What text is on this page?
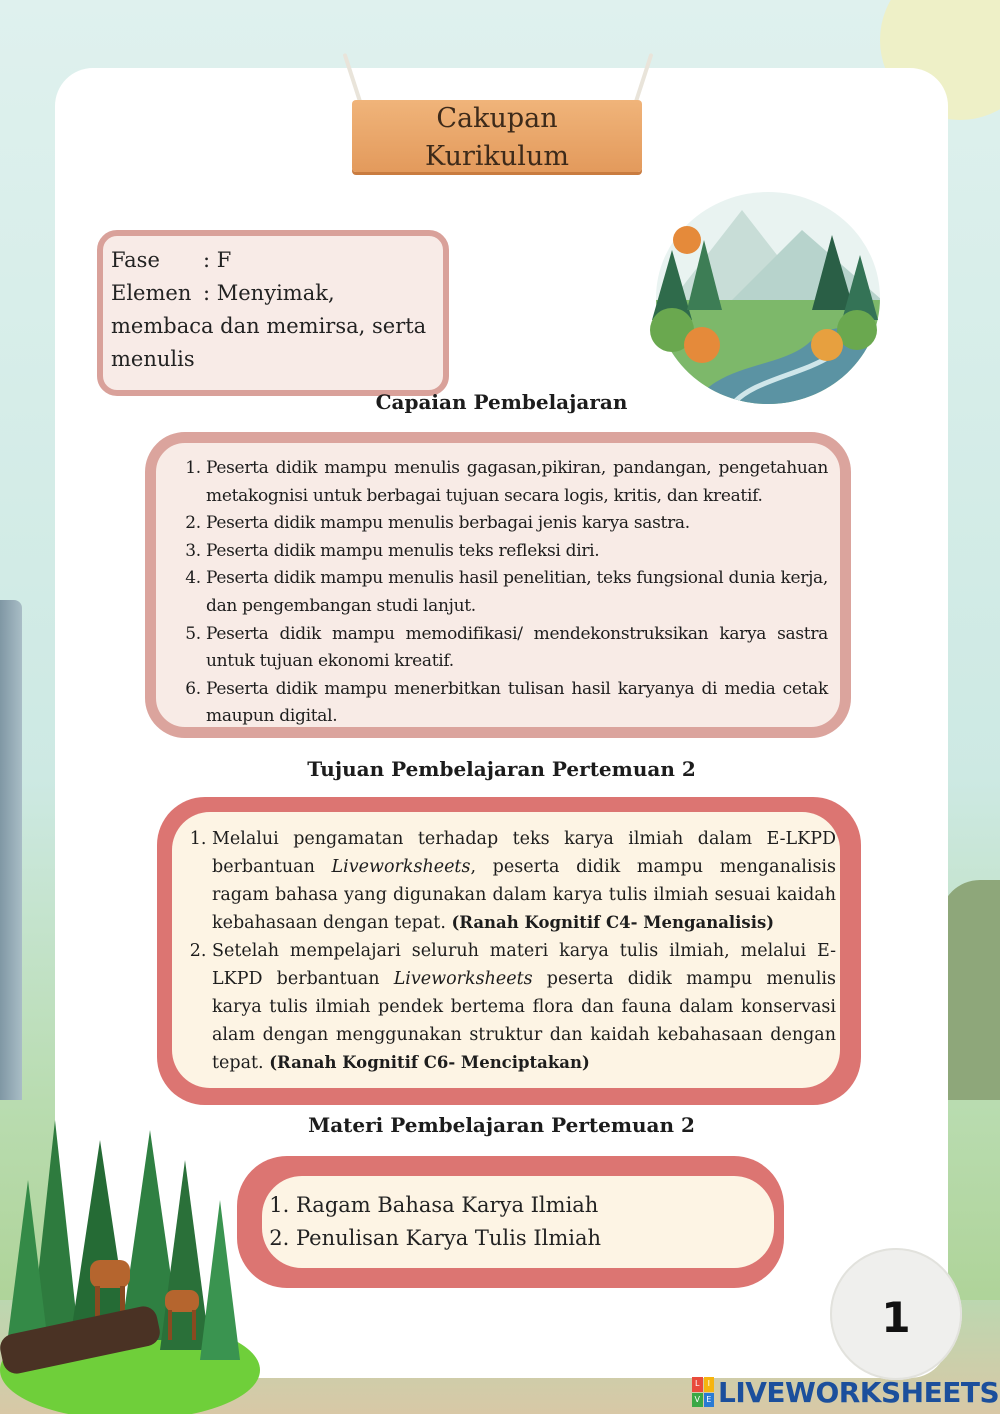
Cakupan
Kurikulum
Fase : F
Elemen : Menyimak,
membaca dan memirsa, serta
menulis
Capaian Pembelajaran
1. Peserta didik mampu menulis gagasan,pikiran, pandangan, pengetahuan metakognisi untuk berbagai tujuan secara logis, kritis, dan kreatif.
2. Peserta didik mampu menulis berbagai jenis karya sastra.
3. Peserta didik mampu menulis teks refleksi diri.
4. Peserta didik mampu menulis hasil penelitian, teks fungsional dunia kerja, dan pengembangan studi lanjut.
5. Peserta didik mampu memodifikasi/ mendekonstruksikan karya sastra untuk tujuan ekonomi kreatif.
6. Peserta didik mampu menerbitkan tulisan hasil karyanya di media cetak maupun digital.
Tujuan Pembelajaran Pertemuan 2
1. Melalui pengamatan terhadap teks karya ilmiah dalam E-LKPD berbantuan Liveworksheets, peserta didik mampu menganalisis ragam bahasa yang digunakan dalam karya tulis ilmiah sesuai kaidah kebahasaan dengan tepat. (Ranah Kognitif C4- Menganalisis)
2. Setelah mempelajari seluruh materi karya tulis ilmiah, melalui E-LKPD berbantuan Liveworksheets peserta didik mampu menulis karya tulis ilmiah pendek bertema flora dan fauna dalam konservasi alam dengan menggunakan struktur dan kaidah kebahasaan dengan tepat. (Ranah Kognitif C6- Menciptakan)
Materi Pembelajaran Pertemuan 2
1. Ragam Bahasa Karya Ilmiah
2. Penulisan Karya Tulis Ilmiah
1
L	I
V E LIVEWORKSHEETS
